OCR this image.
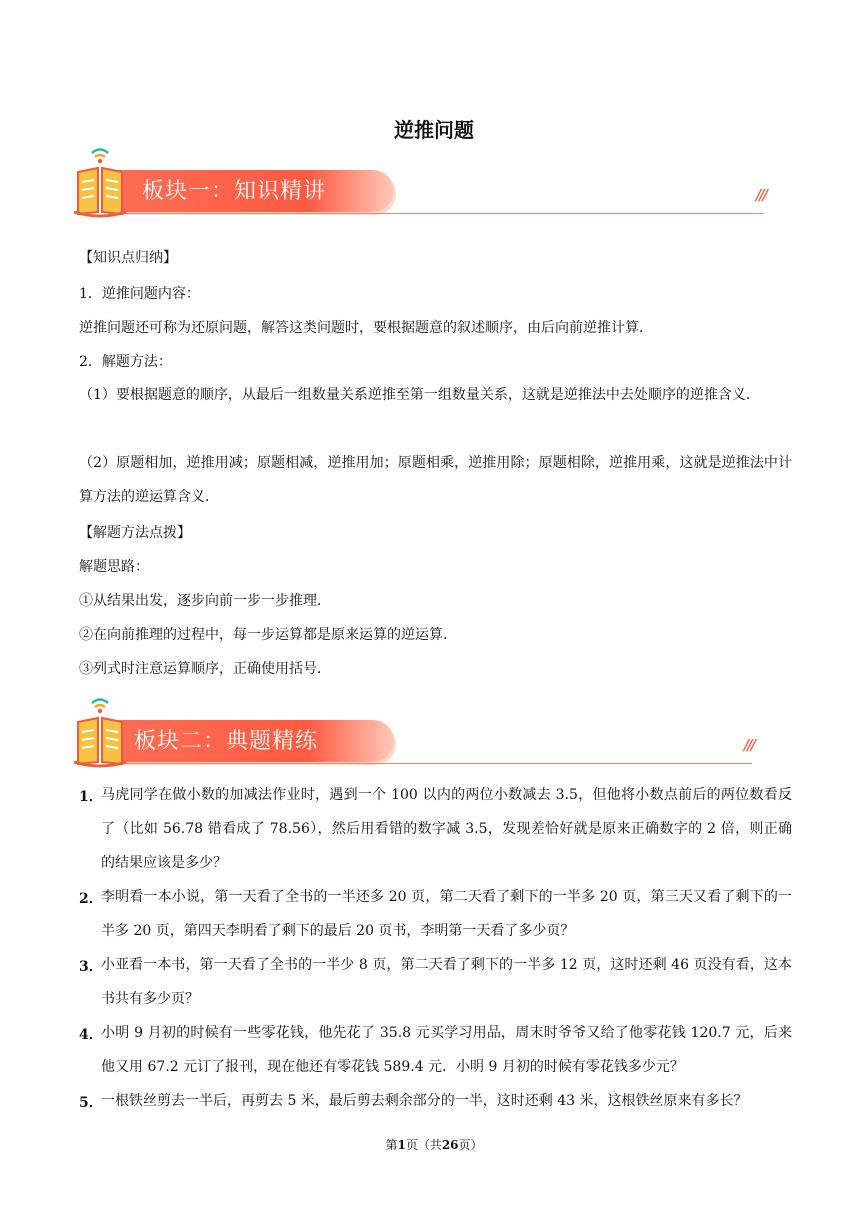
逆推问题
板块一：知识精讲	///
【知识点归纳】
1．逆推问题内容：
逆推问题还可称为还原问题，解答这类问题时，要根据题意的叙述顺序，由后向前逆推计算．
2．解题方法：
（1）要根据题意的顺序，从最后一组数量关系逆推至第一组数量关系，这就是逆推法中去处顺序的逆推含义．
（2）原题相加，逆推用减；原题相减，逆推用加；原题相乘，逆推用除；原题相除，逆推用乘，这就是逆推法中计算方法的逆运算含义．
【解题方法点拨】
解题思路：
①从结果出发，逐步向前一步一步推理．
②在向前推理的过程中，每一步运算都是原来运算的逆运算．
③列式时注意运算顺序，正确使用括号．
板块二：典题精练	///
1．
马虎同学在做小数的加减法作业时，遇到一个 100 以内的两位小数减去 3.5，但他将小数点前后的两位数看反了（比如 56.78 错看成了 78.56），然后用看错的数字减 3.5，发现差恰好就是原来正确数字的 2 倍，则正确的结果应该是多少？
2．
李明看一本小说，第一天看了全书的一半还多 20 页，第二天看了剩下的一半多 20 页，第三天又看了剩下的一半多 20 页，第四天李明看了剩下的最后 20 页书，李明第一天看了多少页？
3．
小亚看一本书，第一天看了全书的一半少 8 页，第二天看了剩下的一半多 12 页，这时还剩 46 页没有看，这本书共有多少页？
4．
小明 9 月初的时候有一些零花钱，他先花了 35.8 元买学习用品，周末时爷爷又给了他零花钱 120.7 元，后来他又用 67.2 元订了报刊，现在他还有零花钱 589.4 元．小明 9 月初的时候有零花钱多少元？
5．
一根铁丝剪去一半后，再剪去 5 米，最后剪去剩余部分的一半，这时还剩 43 米，这根铁丝原来有多长？
第1页（共26页）
